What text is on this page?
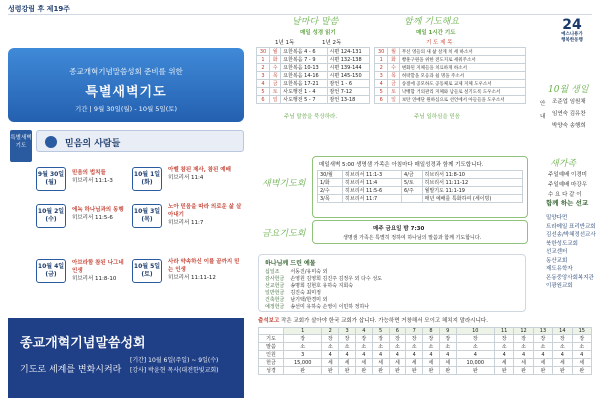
성령강림 후 제19주
종교개혁기념말씀성회 준비를 위한
특별새벽기도
기간 | 9월 30일(월) - 10월 5일(토)
특별새벽기도	믿음의 사람들
9월 30일(월)
믿음의 법칙들
히브리서 11:1-3
10월 1일(화)
아벨 참된 제사, 참된 예배
히브리서 11:4
10월 2일(수)
에녹 하나님과의 동행
히브리서 11:5-6
10월 3일(목)
노아 믿음을 따라 의로운 삶 살아내기
히브리서 11:7
10월 4일(금)
아브라함 참된 나그네 인생
히브리서 11:8-10
10월 5일(토)
사라 약속하신 이를 끝까지 믿는 인생
히브리서 11:11-12
종교개혁기념말씀성회
기도로 세계를 변화시켜라
[기간] 10월 6일(주일) ~ 9일(수)
[강사] 박윤현 목사(대전한빛교회)
날마다 말씀
매일 성경 읽기
1년 1독	1년 2독
30	월	요한복음 4 - 6	시편 124-131
1	화	요한복음 7 - 9	시편 132-138
2	수	요한복음 10-13	시편 139-144
3	목	요한복음 14-16	시편 145-150
4	금	요한복음 17-21	잠언 1 - 6
5	토	사도행전 1 - 4	잠언 7-12
6	일	사도행전 5 - 7	잠언 13-18
주님 말씀을 묵상하라.
함께 기도해요
매일 1시간 기도
기 도 제 목
30	월	무신 영들의 새 삶 살게 치 세 하소서
1	화	빵훈구원을 위한 전도지로 세워주소서
2	수	변화된 지체들을 치료하게 하소서
3	목	허락할을 모응과 쉼 명을 주소서
4	금	송절에 공모하도 공동체로 교제 지체 도우소서
5	토	낙뱅함 거의관리 지체와 남들로 설기도록 도우소서
6	일	보탄 연애단 원하심으로 선언에서 아들들을 도우소서
주님 일하심을 믿음
24
예스나용가
행복한동행
새벽기도회
매일새벽 5:00 생명샘 가족은 아침마다 매일성경과 함께 기도합니다.
30/월	히브리서 11:1-3	4/금	히브리서 11:8-10
1/화	히브리서 11:4	5/토	히브리서 11:11-12
2/수	히브리서 11:5-6	6/주	월말기도 11:1-19
3/목	히브리서 11:7		매년 예배를 특화하여 (세이빙)
금요기도회	매주 금요일 밤 7:30
생명샘 가족은 특별히 정하여 하나님의 말씀과 함께 기도합니다.
하나님께 드린 예물
십일조	서동진/유미숙 외
감사헌금	손영원 김영희 김진주 김정우 외 다수 성도
선교헌금	송명희 김현호 유하숙 지회숙
일반헌금	김진숙 최미정
건축헌금	남기택/한경미 외
예정헌금	송선미 유하숙 손영이 이민하 정하나
10월 생일
안
내
조준업 임원채
임연숙 김유찬
박양숙 송행희
새가족
주일예배 이경미
주일예배 마강우
수 요 다 같 이
함께 하는 선교
밀양다먼
트라메일 표리반교회
김선송/박혜정선교사
북한성도교회
선교센터
동산교회
제도유학자
온동중앙사회복지관
이광원교회
출석보고 작은 교회가 살아야 한국 교회가 삽니다. 가능하면 거창해서 모이고 헤치지 말라시니다.
	1	2	3	4	5	6	7	8	9	10	11	12	13	14	15
기도	장	장	장	장	장	장	장	장	장	장	장	장	장	장	장
말씀	소	소	소	소	소	소	소	소	소	소	소	소	소	소	소
인원	3	4	4	4	4	4	4	4	4	4	4	4	4	4	4
헌금	15,000	세	세	세	세	세	세	세	세	10,000	세	세	세	세	세
성경	완	완	완	완	완	완	완	완	완	완	완	완	완	완	완
